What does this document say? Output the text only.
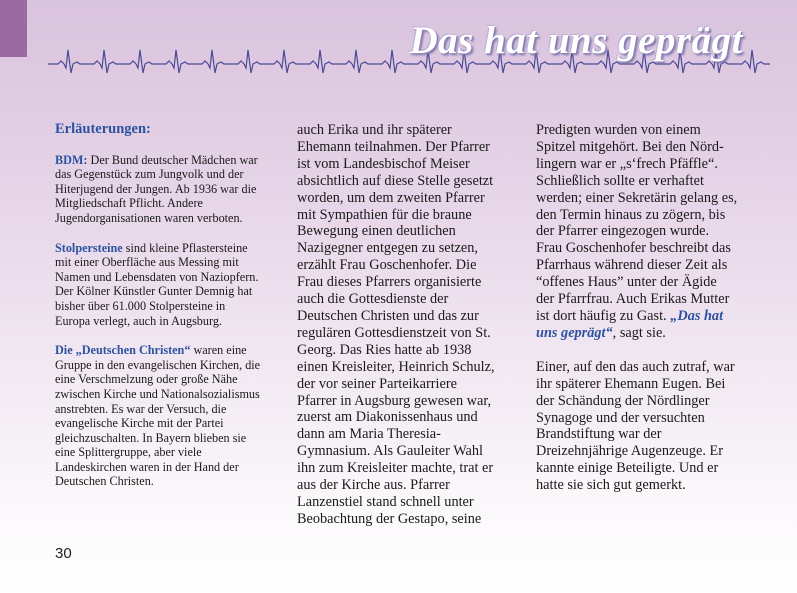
Das hat uns geprägt
Erläuterungen:

BDM: Der Bund deutscher Mädchen war
das Gegenstück zum Jungvolk und der
Hiterjugend der Jungen. Ab 1936 war die
Mitgliedschaft Pflicht. Andere
Jugendorganisationen waren verboten.

Stolpersteine sind kleine Pflastersteine
mit einer Oberfläche aus Messing mit
Namen und Lebensdaten von Naziopfern.
Der Kölner Künstler Gunter Demnig hat
bisher über 61.000 Stolpersteine in
Europa verlegt, auch in Augsburg.

Die „Deutschen Christen“ waren eine
Gruppe in den evangelischen Kirchen, die
eine Verschmelzung oder große Nähe
zwischen Kirche und Nationalsozialismus
anstrebten. Es war der Versuch, die
evangelische Kirche mit der Partei
gleichzuschalten. In Bayern blieben sie
eine Splittergruppe, aber viele
Landeskirchen waren in der Hand der
Deutschen Christen.

auch Erika und ihr späterer
Ehemann teilnahmen. Der Pfarrer
ist vom Landesbischof Meiser
absichtlich auf diese Stelle gesetzt
worden, um dem zweiten Pfarrer
mit Sympathien für die braune
Bewegung einen deutlichen
Nazigegner entgegen zu setzen,
erzählt Frau Goschenhofer. Die
Frau dieses Pfarrers organisierte
auch die Gottesdienste der
Deutschen Christen und das zur
regulären Gottesdienstzeit von St.
Georg. Das Ries hatte ab 1938
einen Kreisleiter, Heinrich Schulz,
der vor seiner Parteikarriere
Pfarrer in Augsburg gewesen war,
zuerst am Diakonissenhaus und
dann am Maria Theresia-
Gymnasium. Als Gauleiter Wahl
ihn zum Kreisleiter machte, trat er
aus der Kirche aus. Pfarrer
Lanzenstiel stand schnell unter
Beobachtung der Gestapo, seine

Predigten wurden von einem
Spitzel mitgehört. Bei den Nörd-
lingern war er „s‘frech Pfäffle“.
Schließlich sollte er verhaftet
werden; einer Sekretärin gelang es,
den Termin hinaus zu zögern, bis
der Pfarrer eingezogen wurde.
Frau Goschenhofer beschreibt das
Pfarrhaus während dieser Zeit als
“offenes Haus” unter der Ägide
der Pfarrfrau. Auch Erikas Mutter
ist dort häufig zu Gast. „Das hat
uns geprägt“, sagt sie.

Einer, auf den das auch zutraf, war
ihr späterer Ehemann Eugen. Bei
der Schändung der Nördlinger
Synagoge und der versuchten
Brandstiftung war der
Dreizehnjährige Augenzeuge. Er
kannte einige Beteiligte. Und er
hatte sie sich gut gemerkt.

30
